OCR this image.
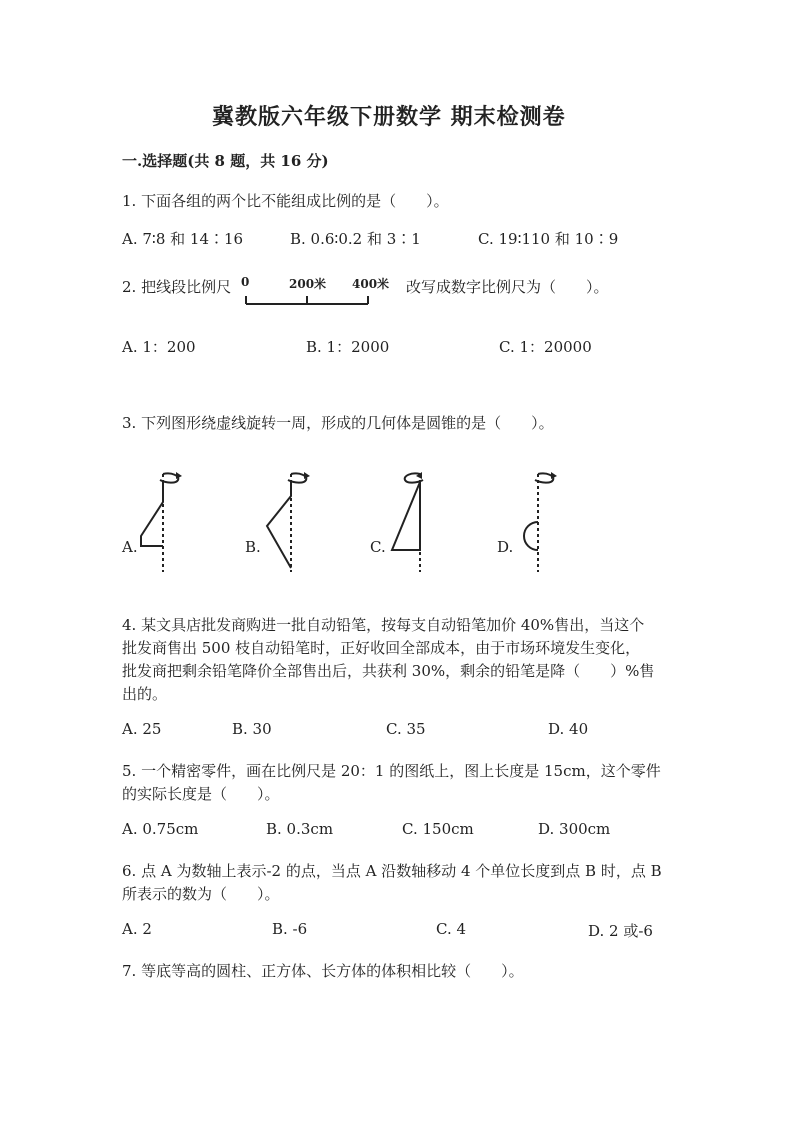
冀教版六年级下册数学 期末检测卷
一.选择题(共 8 题，共 16 分)
1. 下面各组的两个比不能组成比例的是（　　）。
A. 7∶8 和 14∶16	B. 0.6∶0.2 和 3∶1	C. 19∶110 和 10∶9
2. 把线段比例尺 0	200米 400米 改写成数字比例尺为（　　）。
A. 1：200	B. 1：2000	C. 1：20000
3. 下列图形绕虚线旋转一周，形成的几何体是圆锥的是（　　）。
A.	B.	C.	D.
4. 某文具店批发商购进一批自动铅笔，按每支自动铅笔加价 40%售出，当这个
批发商售出 500 枝自动铅笔时，正好收回全部成本，由于市场环境发生变化，
批发商把剩余铅笔降价全部售出后，共获利 30%，剩余的铅笔是降（　　）%售
出的。
A. 25	B. 30	C. 35	D. 40
5. 一个精密零件，画在比例尺是 20：1 的图纸上，图上长度是 15cm，这个零件
的实际长度是（　　）。
A. 0.75cm	B. 0.3cm	C. 150cm	D. 300cm
6. 点 A 为数轴上表示-2 的点，当点 A 沿数轴移动 4 个单位长度到点 B 时，点 B
所表示的数为（　　）。
A. 2	B. -6	C. 4	D. 2 或-6
7. 等底等高的圆柱、正方体、长方体的体积相比较（　　）。
